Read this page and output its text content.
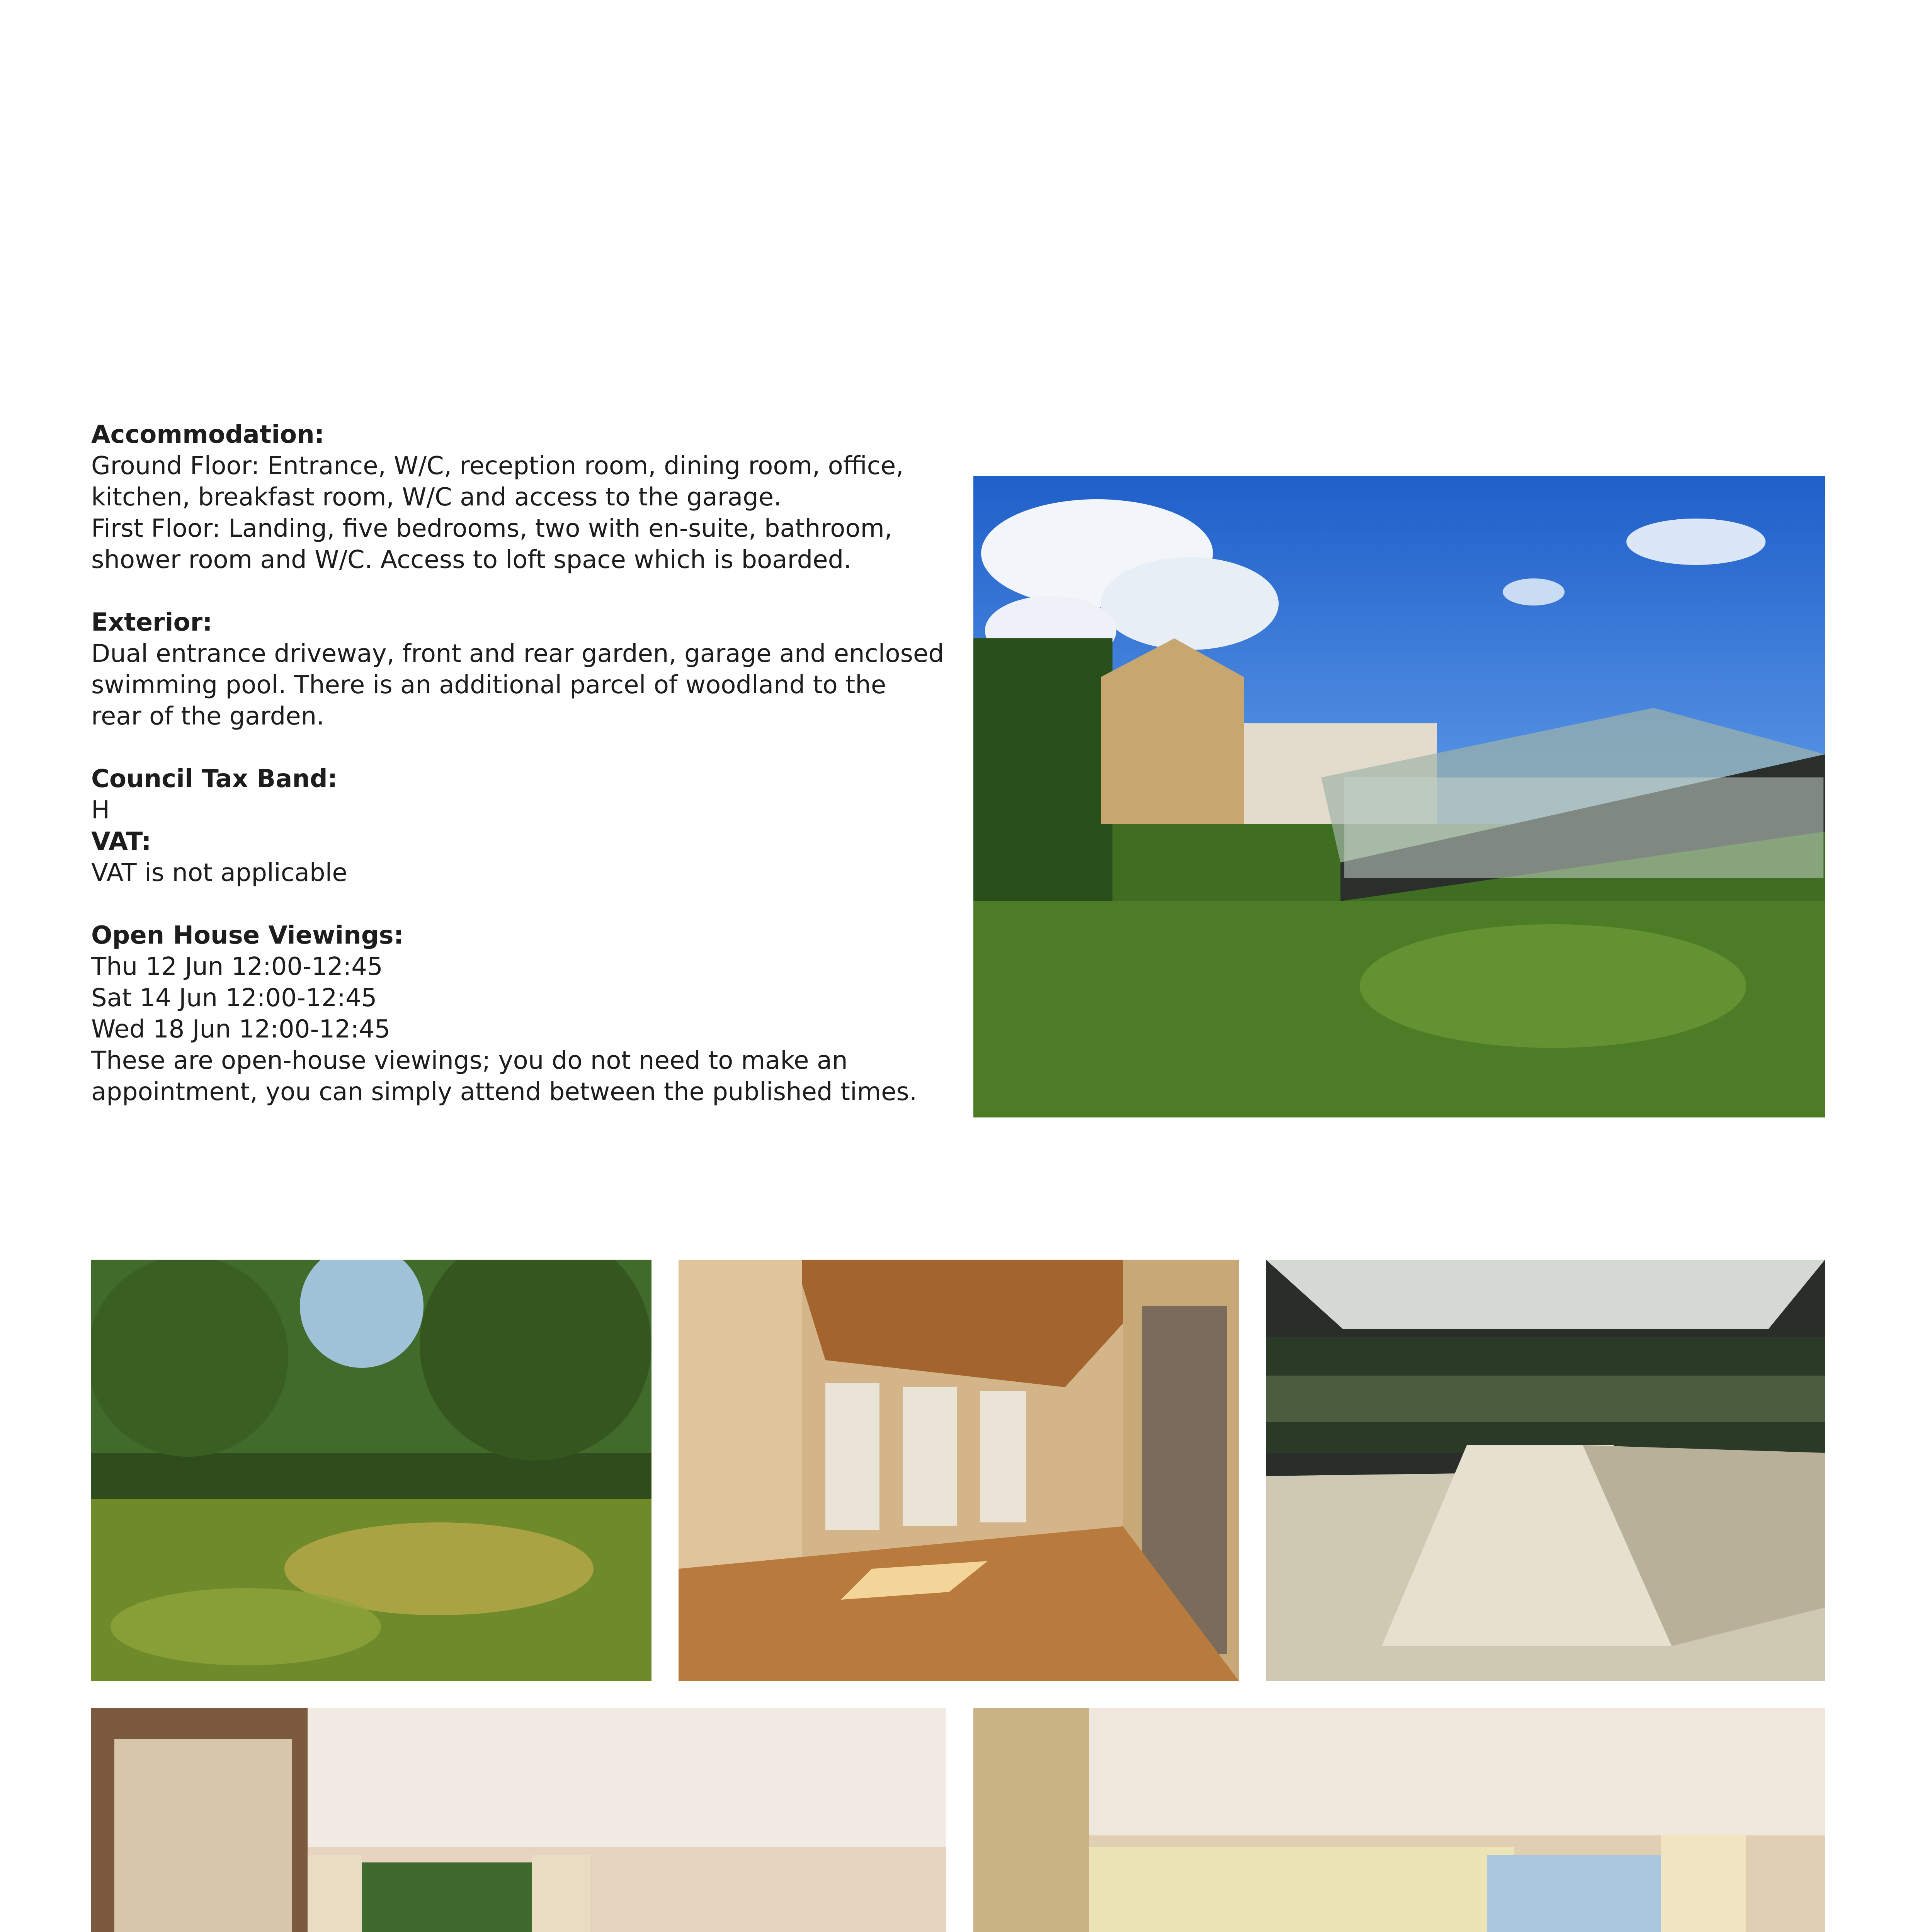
Accommodation:
Ground Floor: Entrance, W/C, reception room, dining room, office,
kitchen, breakfast room, W/C and access to the garage.
First Floor: Landing, five bedrooms, two with en-suite, bathroom,
shower room and W/C. Access to loft space which is boarded.
Exterior:
Dual entrance driveway, front and rear garden, garage and enclosed
swimming pool. There is an additional parcel of woodland to the
rear of the garden.
Council Tax Band:
H
VAT:
VAT is not applicable
Open House Viewings:
Thu 12 Jun 12:00-12:45
Sat 14 Jun 12:00-12:45
Wed 18 Jun 12:00-12:45
These are open-house viewings; you do not need to make an
appointment, you can simply attend between the published times.
